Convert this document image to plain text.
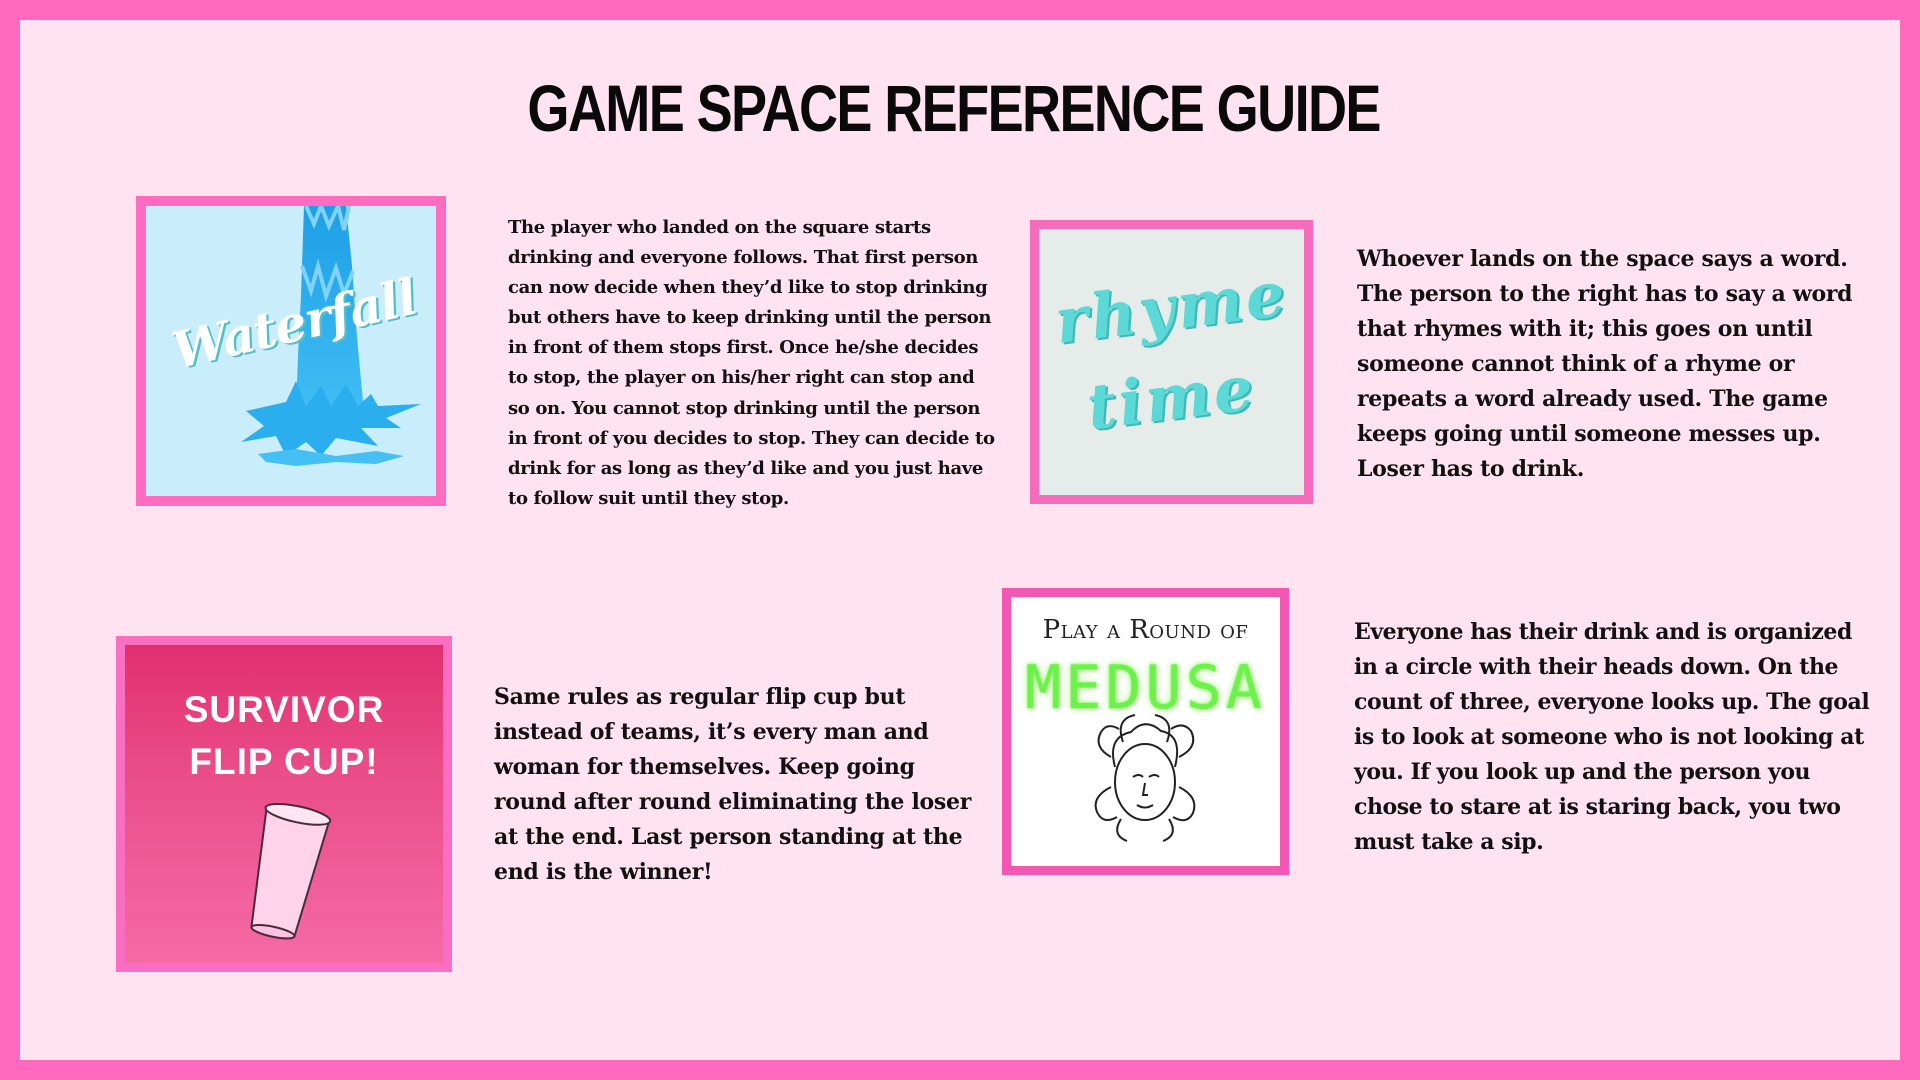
GAME SPACE REFERENCE GUIDE
Waterfall
The player who landed on the square starts drinking and everyone follows. That first person can now decide when they’d like to stop drinking but others have to keep drinking until the person in front of them stops first. Once he/she decides to stop, the player on his/her right can stop and so on. You cannot stop drinking until the person in front of you decides to stop. They can decide to drink for as long as they’d like and you just have to follow suit until they stop.
rhyme
time
Whoever lands on the space says a word. The person to the right has to say a word that rhymes with it; this goes on until someone cannot think of a rhyme or repeats a word already used. The game keeps going until someone messes up. Loser has to drink.
SURVIVOR
FLIP CUP!
Same rules as regular flip cup but instead of teams, it’s every man and woman for themselves. Keep going round after round eliminating the loser at the end. Last person standing at the end is the winner!
Play a Round of
MEDUSA
Everyone has their drink and is organized in a circle with their heads down. On the count of three, everyone looks up. The goal is to look at someone who is not looking at you. If you look up and the person you chose to stare at is staring back, you two must take a sip.
